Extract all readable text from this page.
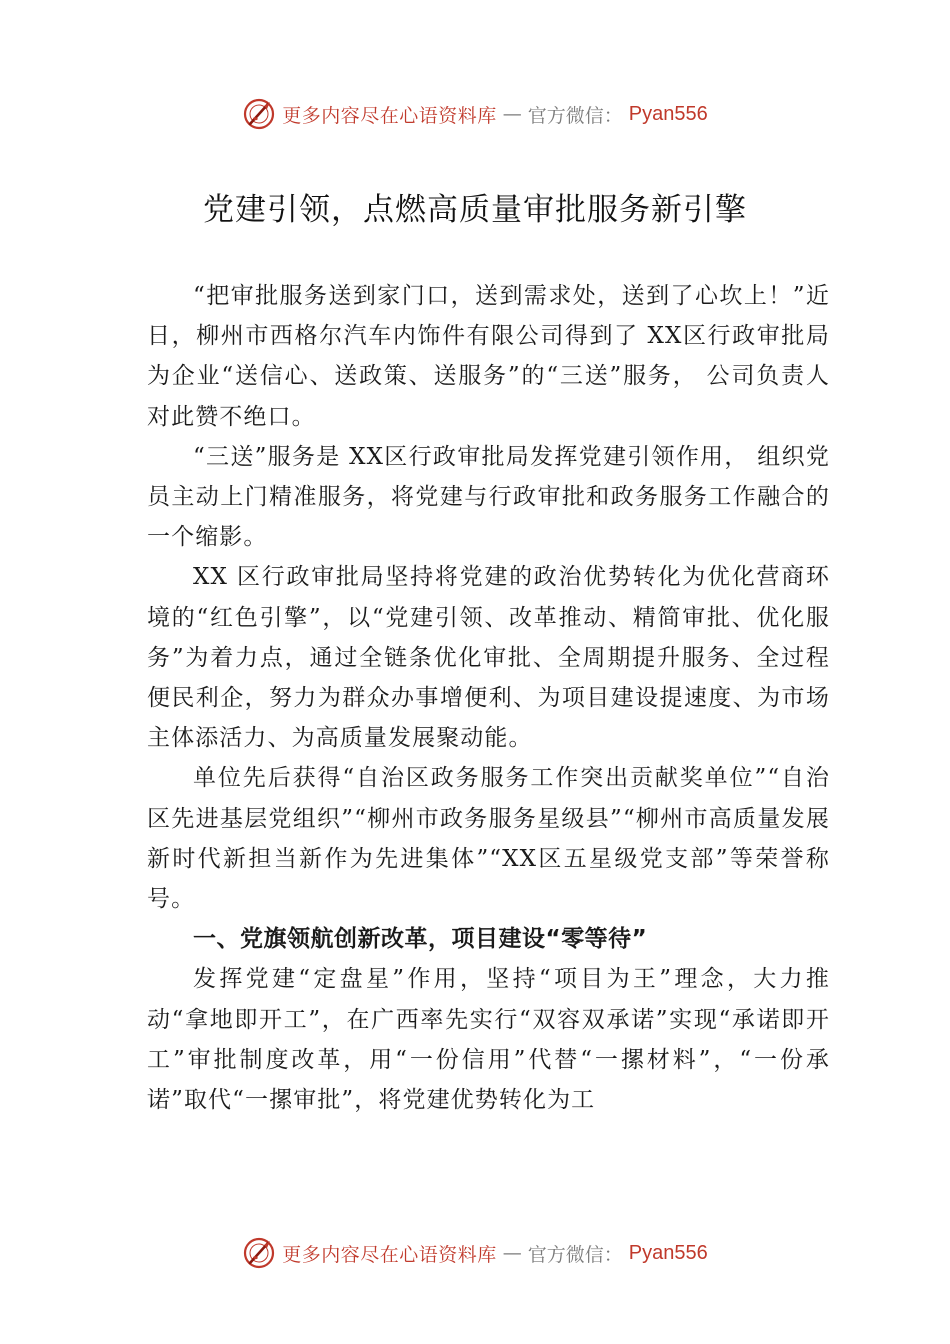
更多内容尽在心语资料库 — 官方微信： Pyan556
党建引领，点燃高质量审批服务新引擎

“把审批服务送到家门口，送到需求处，送到了心坎上！”近日，柳州市西格尔汽车内饰件有限公司得到了 XX区行政审批局为企业“送信心、送政策、送服务”的“三送”服务， 公司负责人对此赞不绝口。

“三送”服务是 XX区行政审批局发挥党建引领作用， 组织党员主动上门精准服务，将党建与行政审批和政务服务工作融合的一个缩影。

XX 区行政审批局坚持将党建的政治优势转化为优化营商环境的“红色引擎”，以“党建引领、改革推动、精简审批、优化服务”为着力点，通过全链条优化审批、全周期提升服务、全过程便民利企，努力为群众办事增便利、为项目建设提速度、为市场主体添活力、为高质量发展聚动能。

单位先后获得“自治区政务服务工作突出贡献奖单位”“自治区先进基层党组织”“柳州市政务服务星级县”“柳州市高质量发展新时代新担当新作为先进集体”“XX区五星级党支部”等荣誉称号。

一、党旗领航创新改革，项目建设“零等待”

发挥党建“定盘星”作用，坚持“项目为王”理念，大力推动“拿地即开工”，在广西率先实行“双容双承诺”实现“承诺即开工”审批制度改革，用“一份信用”代替“一摞材料”，“一份承诺”取代“一摞审批”，将党建优势转化为工

更多内容尽在心语资料库 — 官方微信： Pyan556
